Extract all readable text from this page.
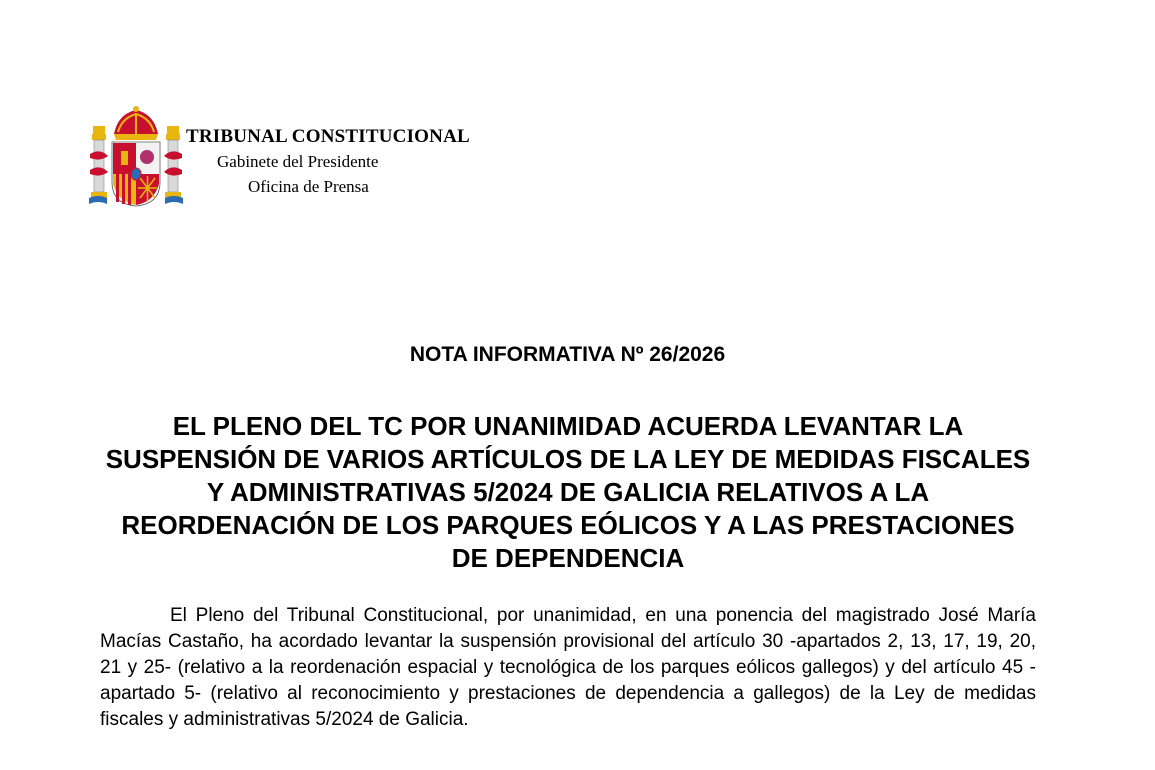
TRIBUNAL CONSTITUCIONAL
Gabinete del Presidente
Oficina de Prensa
NOTA INFORMATIVA Nº 26/2026
EL PLENO DEL TC POR UNANIMIDAD ACUERDA LEVANTAR LA SUSPENSIÓN DE VARIOS ARTÍCULOS DE LA LEY DE MEDIDAS FISCALES Y ADMINISTRATIVAS 5/2024 DE GALICIA RELATIVOS A LA REORDENACIÓN DE LOS PARQUES EÓLICOS Y A LAS PRESTACIONES DE DEPENDENCIA

El Pleno del Tribunal Constitucional, por unanimidad, en una ponencia del magistrado José María Macías Castaño, ha acordado levantar la suspensión provisional del artículo 30 -apartados 2, 13, 17, 19, 20, 21 y 25- (relativo a la reordenación espacial y tecnológica de los parques eólicos gallegos) y del artículo 45 -apartado 5- (relativo al reconocimiento y prestaciones de dependencia a gallegos) de la Ley de medidas fiscales y administrativas 5/2024 de Galicia.
